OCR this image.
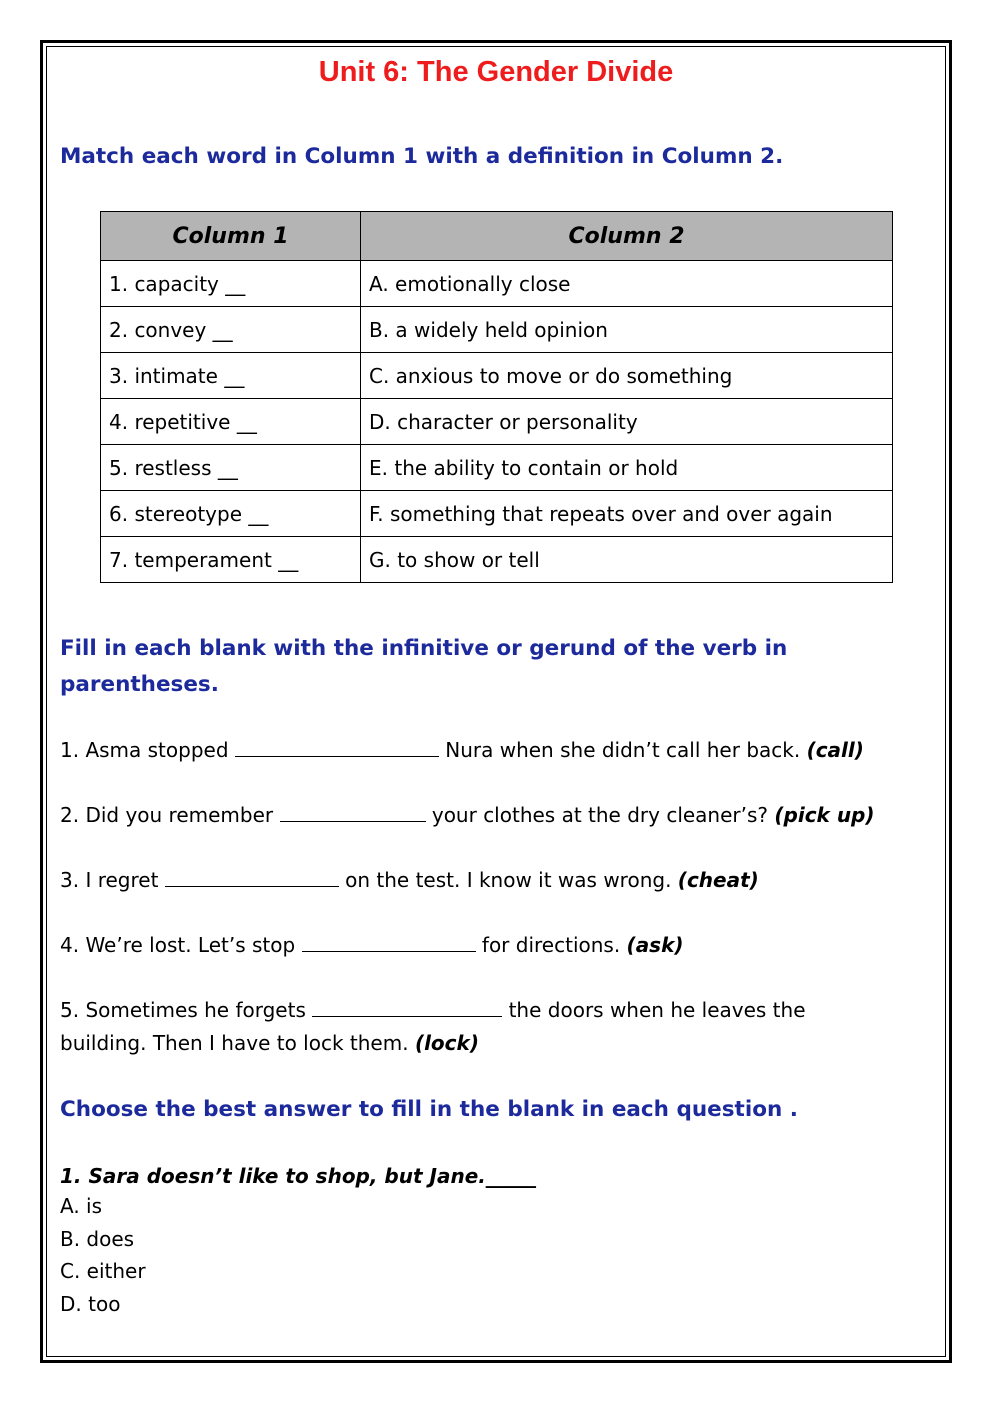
Unit 6: The Gender Divide
Match each word in Column 1 with a definition in Column 2.
Column 1	Column 2
1. capacity __	A. emotionally close
2. convey __	B. a widely held opinion
3. intimate __	C. anxious to move or do something
4. repetitive __	D. character or personality
5. restless __	E. the ability to contain or hold
6. stereotype __	F. something that repeats over and over again
7. temperament __	G. to show or tell
Fill in each blank with the infinitive or gerund of the verb in parentheses.
1. Asma stopped	Nura when she didn’t call her back. (call)
2. Did you remember	your clothes at the dry cleaner’s? (pick up)
3. I regret	on the test. I know it was wrong. (cheat)
4. We’re lost. Let’s stop	for directions. (ask)
5. Sometimes he forgets	the doors when he leaves the
building. Then I have to lock them. (lock)
Choose the best answer to fill in the blank in each question .
1. Sara doesn’t like to shop, but Jane._____
A. is
B. does
C. either
D. too
